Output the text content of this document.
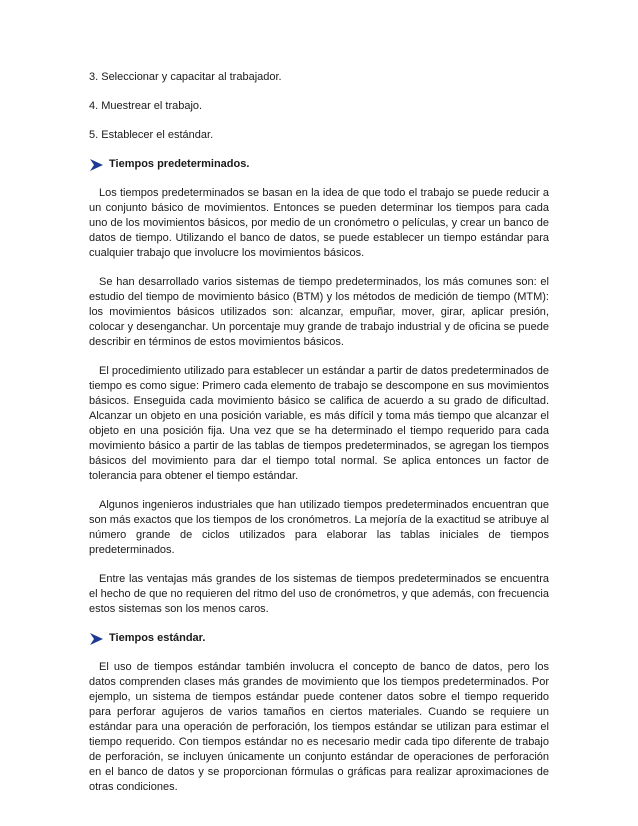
3. Seleccionar y capacitar al trabajador.
4. Muestrear el trabajo.
5. Establecer el estándar.
Tiempos predeterminados.

Los tiempos predeterminados se basan en la idea de que todo el trabajo se puede reducir a un conjunto básico de movimientos. Entonces se pueden determinar los tiempos para cada uno de los movimientos básicos, por medio de un cronómetro o películas, y crear un banco de datos de tiempo. Utilizando el banco de datos, se puede establecer un tiempo estándar para cualquier trabajo que involucre los movimientos básicos.

Se han desarrollado varios sistemas de tiempo predeterminados, los más comunes son: el estudio del tiempo de movimiento básico (BTM) y los métodos de medición de tiempo (MTM): los movimientos básicos utilizados son: alcanzar, empuñar, mover, girar, aplicar presión, colocar y desenganchar. Un porcentaje muy grande de trabajo industrial y de oficina se puede describir en términos de estos movimientos básicos.

El procedimiento utilizado para establecer un estándar a partir de datos predeterminados de tiempo es como sigue: Primero cada elemento de trabajo se descompone en sus movimientos básicos. Enseguida cada movimiento básico se califica de acuerdo a su grado de dificultad. Alcanzar un objeto en una posición variable, es más difícil y toma más tiempo que alcanzar el objeto en una posición fija. Una vez que se ha determinado el tiempo requerido para cada movimiento básico a partir de las tablas de tiempos predeterminados, se agregan los tiempos básicos del movimiento para dar el tiempo total normal. Se aplica entonces un factor de tolerancia para obtener el tiempo estándar.

Algunos ingenieros industriales que han utilizado tiempos predeterminados encuentran que son más exactos que los tiempos de los cronómetros. La mejoría de la exactitud se atribuye al número grande de ciclos utilizados para elaborar las tablas iniciales de tiempos predeterminados.

Entre las ventajas más grandes de los sistemas de tiempos predeterminados se encuentra el hecho de que no requieren del ritmo del uso de cronómetros, y que además, con frecuencia estos sistemas son los menos caros.

Tiempos estándar.

El uso de tiempos estándar también involucra el concepto de banco de datos, pero los datos comprenden clases más grandes de movimiento que los tiempos predeterminados. Por ejemplo, un sistema de tiempos estándar puede contener datos sobre el tiempo requerido para perforar agujeros de varios tamaños en ciertos materiales. Cuando se requiere un estándar para una operación de perforación, los tiempos estándar se utilizan para estimar el tiempo requerido. Con tiempos estándar no es necesario medir cada tipo diferente de trabajo de perforación, se incluyen únicamente un conjunto estándar de operaciones de perforación en el banco de datos y se proporcionan fórmulas o gráficas para realizar aproximaciones de otras condiciones.
